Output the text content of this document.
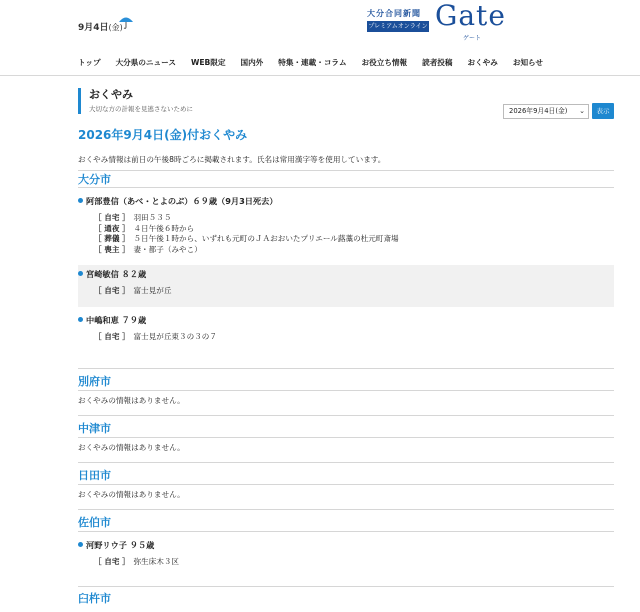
9月4日(金)
大分合同新聞
プレミアムオンライン Gate
ゲート
トップ 大分県のニュース WEB限定 国内外 特集・連載・コラム お役立ち情報 読者投稿 おくやみ お知らせ
おくやみ
大切な方の計報を見逃さないために	2026年9月4日(金) ⌄	表示
2026年9月4日(金)付おくやみ
おくやみ情報は前日の午後8時ごろに掲載されます。氏名は常用漢字等を使用しています。
大分市
阿部豊信（あべ・とよのぶ）６９歳（9月3日死去）
［ 自宅 ］　 羽田５３５
［ 通夜 ］　 ４日午後６時から
［ 葬儀 ］　 ５日午後１時から、いずれも元町のＪＡおおいたプリエール蕗藁の杜元町斎場
［ 喪主 ］　 妻・都子（みやこ）
宮崎敏信 ８２歳
［ 自宅 ］　 富士見が丘
中嶋和恵 ７９歳
［ 自宅 ］　 富士見が丘東３の３の７
別府市
おくやみの情報はありません。
中津市
おくやみの情報はありません。
日田市
おくやみの情報はありません。
佐伯市
河野リウ子 ９５歳
［ 自宅 ］　 弥生床木３区
臼杵市
